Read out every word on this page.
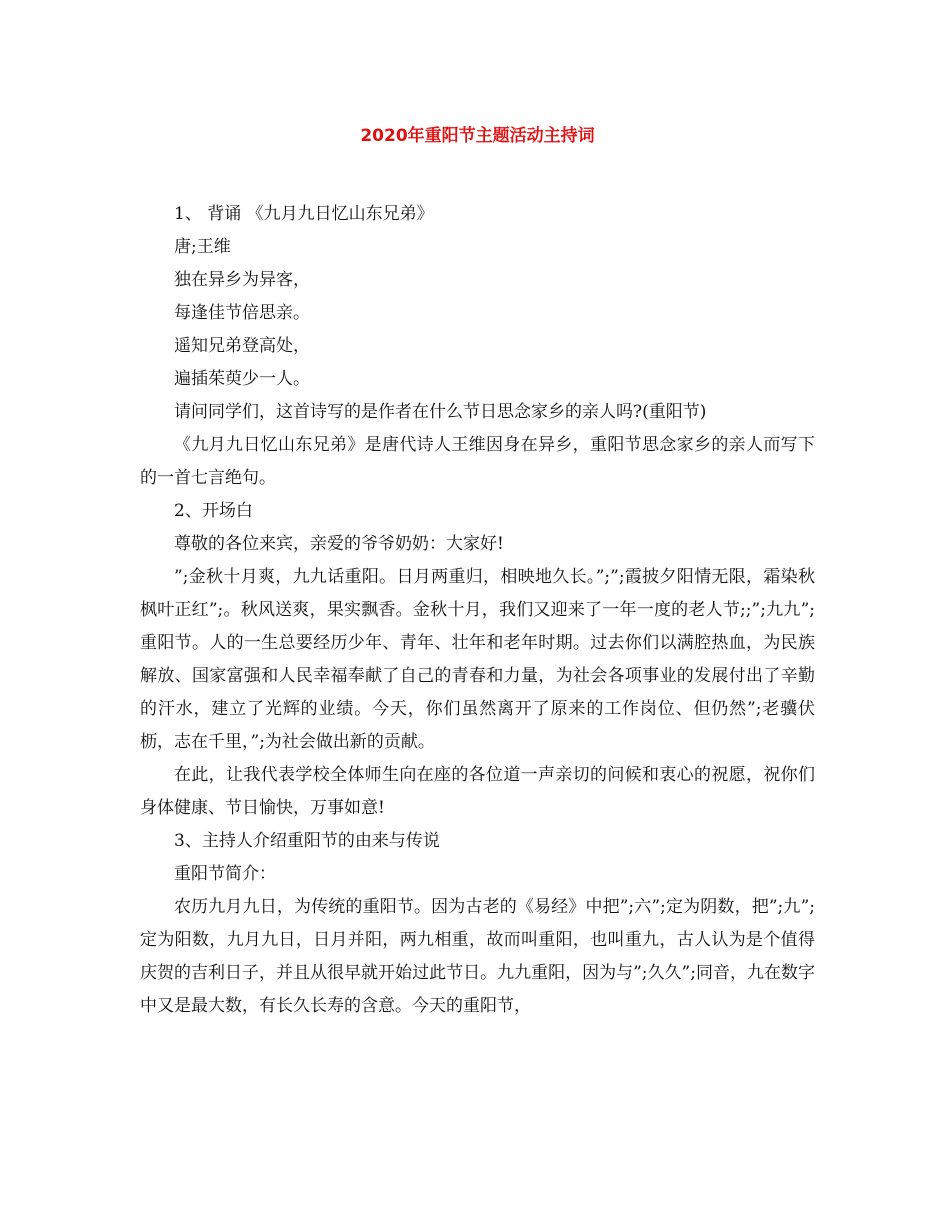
2020年重阳节主题活动主持词

1、 背诵 《九月九日忆山东兄弟》

唐;王维

独在异乡为异客，

每逢佳节倍思亲。

遥知兄弟登高处，

遍插茱萸少一人。

请问同学们，这首诗写的是作者在什么节日思念家乡的亲人吗?(重阳节)

《九月九日忆山东兄弟》是唐代诗人王维因身在异乡，重阳节思念家乡的亲人而写下的一首七言绝句。

2、开场白

尊敬的各位来宾，亲爱的爷爷奶奶：大家好!

”;金秋十月爽，九九话重阳。日月两重归，相映地久长。”;”;霞披夕阳情无限，霜染秋枫叶正红”;。秋风送爽，果实飘香。金秋十月，我们又迎来了一年一度的老人节;;”;九九”;重阳节。人的一生总要经历少年、青年、壮年和老年时期。过去你们以满腔热血，为民族解放、国家富强和人民幸福奉献了自己的青春和力量，为社会各项事业的发展付出了辛勤的汗水，建立了光辉的业绩。今天，你们虽然离开了原来的工作岗位、但仍然”;老骥伏枥，志在千里，”;为社会做出新的贡献。

在此，让我代表学校全体师生向在座的各位道一声亲切的问候和衷心的祝愿，祝你们身体健康、节日愉快，万事如意!

3、主持人介绍重阳节的由来与传说

重阳节简介：

农历九月九日，为传统的重阳节。因为古老的《易经》中把”;六”;定为阴数，把”;九”;定为阳数，九月九日，日月并阳，两九相重，故而叫重阳，也叫重九，古人认为是个值得庆贺的吉利日子，并且从很早就开始过此节日。九九重阳，因为与”;久久”;同音，九在数字中又是最大数，有长久长寿的含意。今天的重阳节，
